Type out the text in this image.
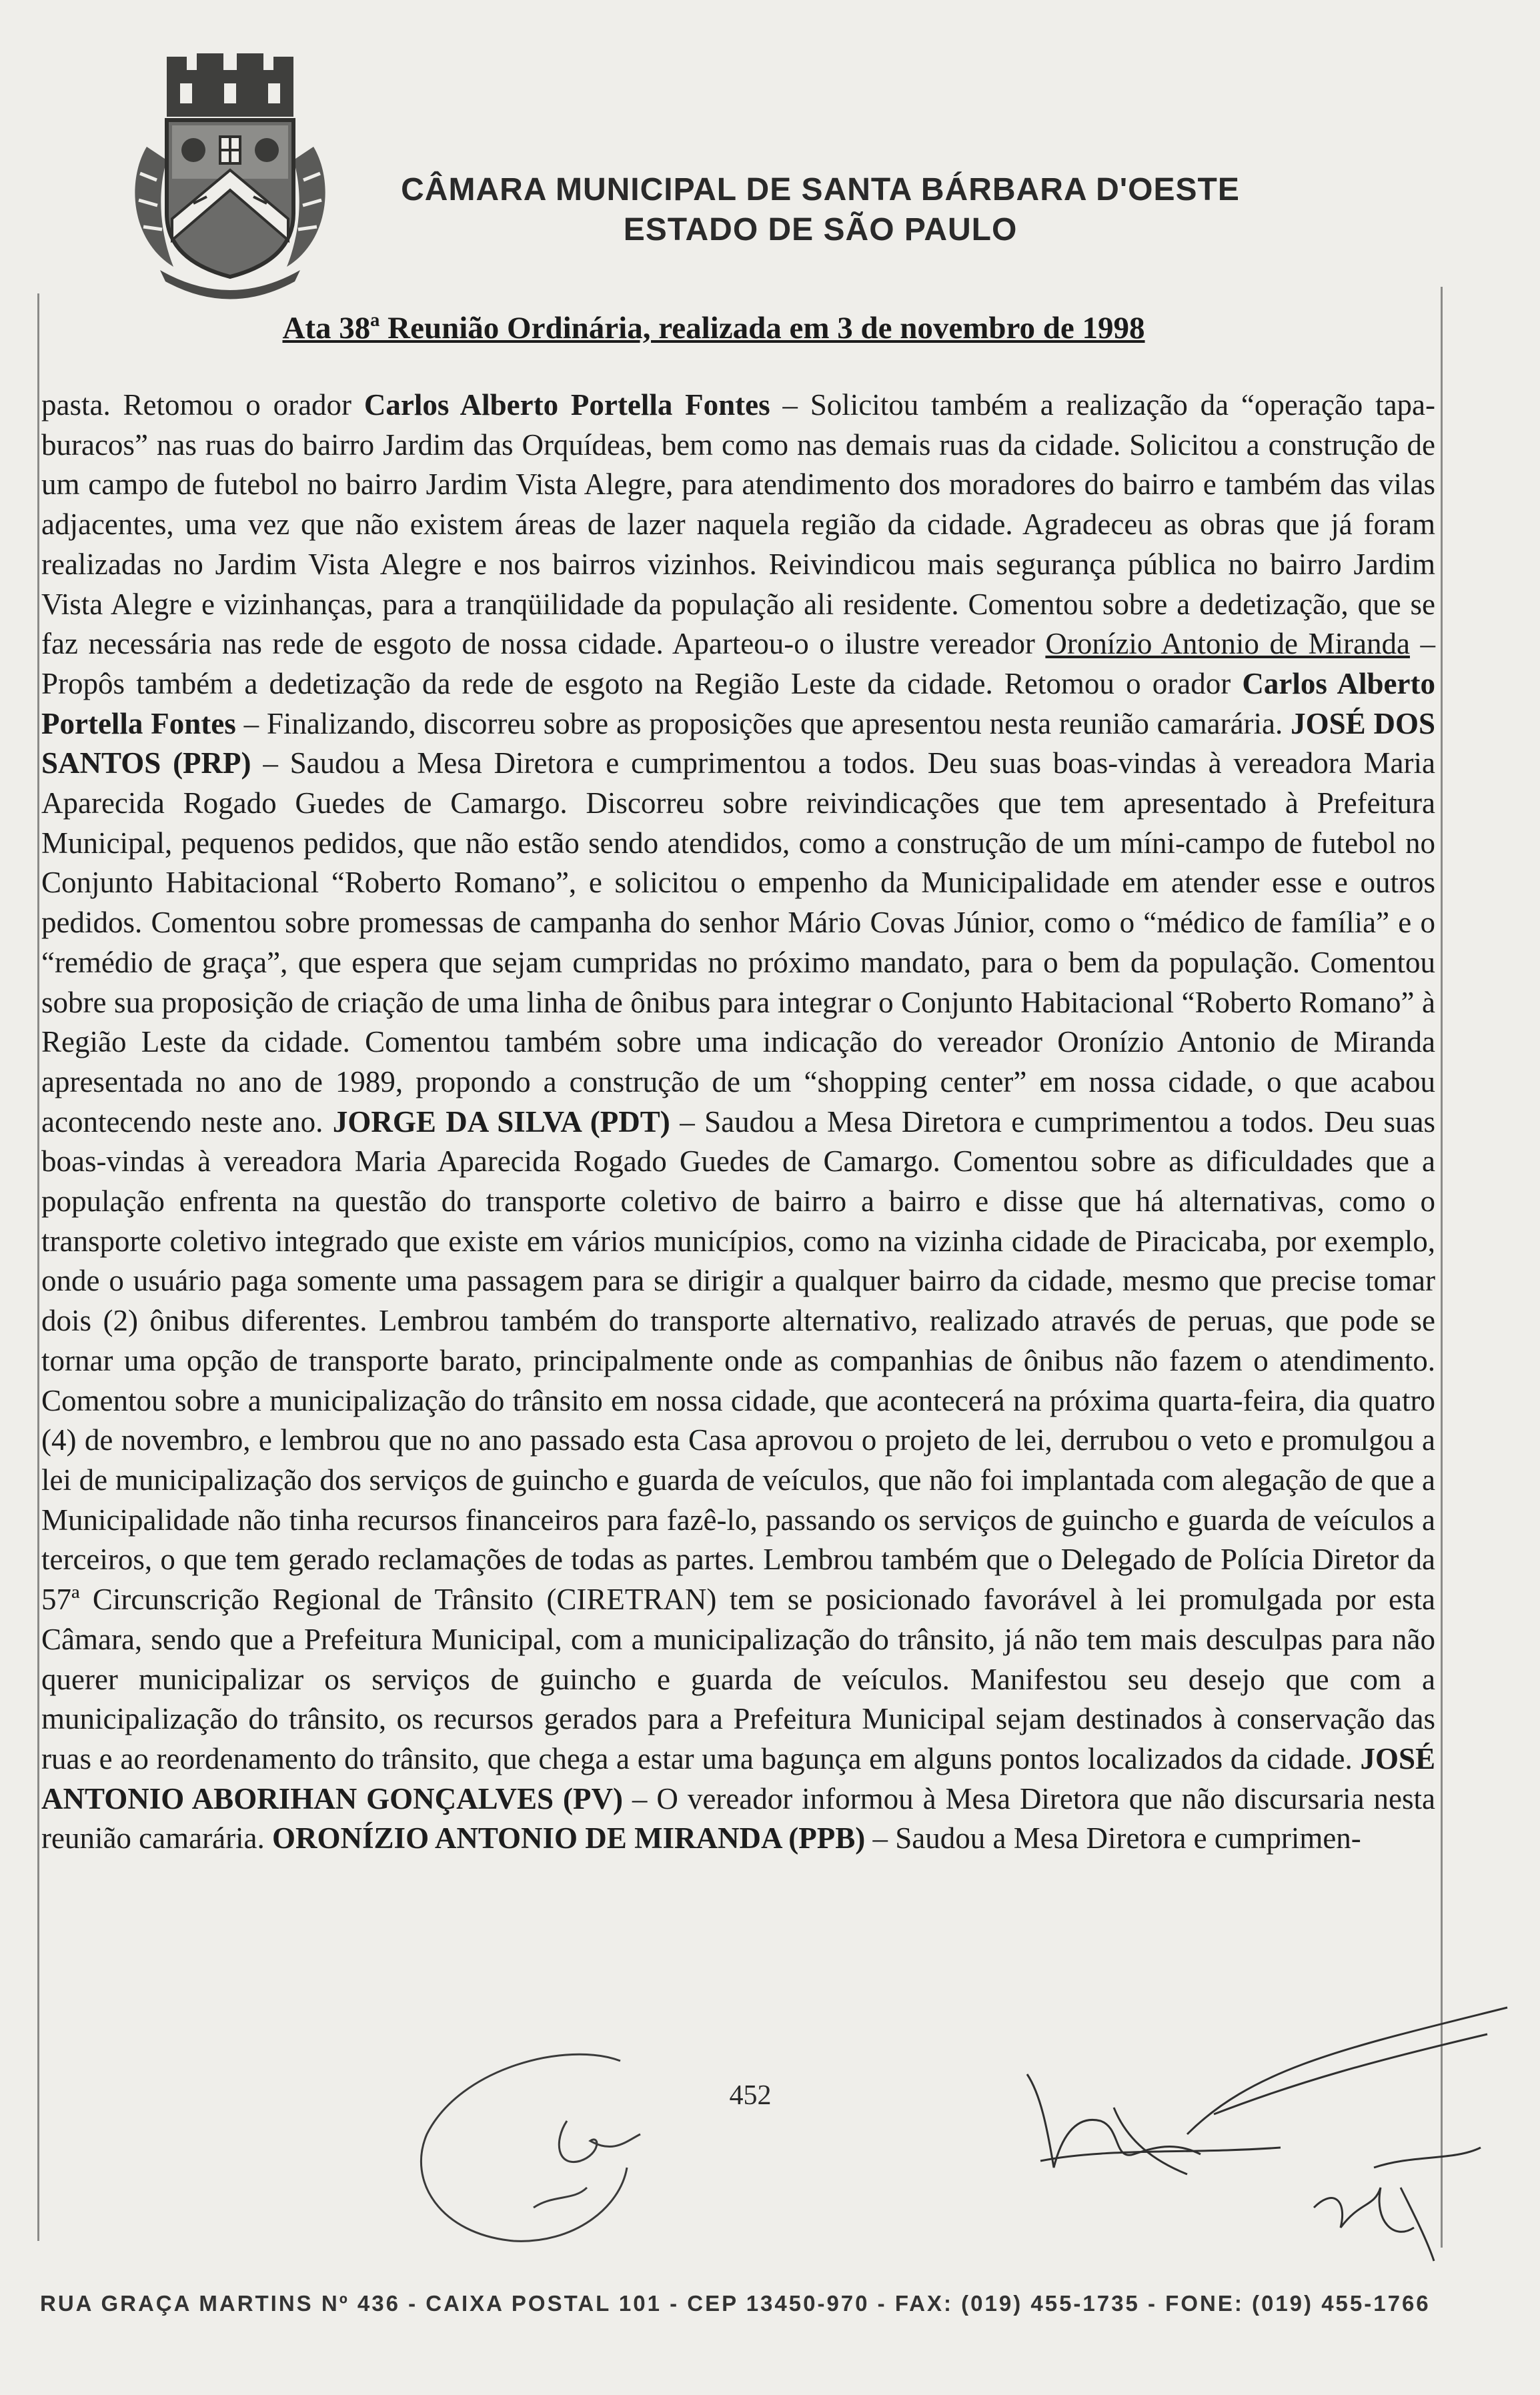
CÂMARA MUNICIPAL DE SANTA BÁRBARA D'OESTE
ESTADO DE SÃO PAULO
Ata 38ª Reunião Ordinária, realizada em 3 de novembro de 1998

pasta. Retomou o orador Carlos Alberto Portella Fontes – Solicitou também a realização da “operação tapa-buracos” nas ruas do bairro Jardim das Orquídeas, bem como nas demais ruas da cidade. Solicitou a construção de um campo de futebol no bairro Jardim Vista Alegre, para atendimento dos moradores do bairro e também das vilas adjacentes, uma vez que não existem áreas de lazer naquela região da cidade. Agradeceu as obras que já foram realizadas no Jardim Vista Alegre e nos bairros vizinhos. Reivindicou mais segurança pública no bairro Jardim Vista Alegre e vizinhanças, para a tranqüilidade da população ali residente. Comentou sobre a dedetização, que se faz necessária nas rede de esgoto de nossa cidade. Aparteou-o o ilustre vereador Oronízio Antonio de Miranda – Propôs também a dedetização da rede de esgoto na Região Leste da cidade. Retomou o orador Carlos Alberto Portella Fontes – Finalizando, discorreu sobre as proposições que apresentou nesta reunião camarária. JOSÉ DOS SANTOS (PRP) – Saudou a Mesa Diretora e cumprimentou a todos. Deu suas boas-vindas à vereadora Maria Aparecida Rogado Guedes de Camargo. Discorreu sobre reivindicações que tem apresentado à Prefeitura Municipal, pequenos pedidos, que não estão sendo atendidos, como a construção de um míni-campo de futebol no Conjunto Habitacional “Roberto Romano”, e solicitou o empenho da Municipalidade em atender esse e outros pedidos. Comentou sobre promessas de campanha do senhor Mário Covas Júnior, como o “médico de família” e o “remédio de graça”, que espera que sejam cumpridas no próximo mandato, para o bem da população. Comentou sobre sua proposição de criação de uma linha de ônibus para integrar o Conjunto Habitacional “Roberto Romano” à Região Leste da cidade. Comentou também sobre uma indicação do vereador Oronízio Antonio de Miranda apresentada no ano de 1989, propondo a construção de um “shopping center” em nossa cidade, o que acabou acontecendo neste ano. JORGE DA SILVA (PDT) – Saudou a Mesa Diretora e cumprimentou a todos. Deu suas boas-vindas à vereadora Maria Aparecida Rogado Guedes de Camargo. Comentou sobre as dificuldades que a população enfrenta na questão do transporte coletivo de bairro a bairro e disse que há alternativas, como o transporte coletivo integrado que existe em vários municípios, como na vizinha cidade de Piracicaba, por exemplo, onde o usuário paga somente uma passagem para se dirigir a qualquer bairro da cidade, mesmo que precise tomar dois (2) ônibus diferentes. Lembrou também do transporte alternativo, realizado através de peruas, que pode se tornar uma opção de transporte barato, principalmente onde as companhias de ônibus não fazem o atendimento. Comentou sobre a municipalização do trânsito em nossa cidade, que acontecerá na próxima quarta-feira, dia quatro (4) de novembro, e lembrou que no ano passado esta Casa aprovou o projeto de lei, derrubou o veto e promulgou a lei de municipalização dos serviços de guincho e guarda de veículos, que não foi implantada com alegação de que a Municipalidade não tinha recursos financeiros para fazê-lo, passando os serviços de guincho e guarda de veículos a terceiros, o que tem gerado reclamações de todas as partes. Lembrou também que o Delegado de Polícia Diretor da 57ª Circunscrição Regional de Trânsito (CIRETRAN) tem se posicionado favorável à lei promulgada por esta Câmara, sendo que a Prefeitura Municipal, com a municipalização do trânsito, já não tem mais desculpas para não querer municipalizar os serviços de guincho e guarda de veículos. Manifestou seu desejo que com a municipalização do trânsito, os recursos gerados para a Prefeitura Municipal sejam destinados à conservação das ruas e ao reordenamento do trânsito, que chega a estar uma bagunça em alguns pontos localizados da cidade. JOSÉ ANTONIO ABORIHAN GONÇALVES (PV) – O vereador informou à Mesa Diretora que não discursaria nesta reunião camarária. ORONÍZIO ANTONIO DE MIRANDA (PPB) – Saudou a Mesa Diretora e cumprimen-

452
RUA GRAÇA MARTINS Nº 436 - CAIXA POSTAL 101 - CEP 13450-970 - FAX: (019) 455-1735 - FONE: (019) 455-1766
